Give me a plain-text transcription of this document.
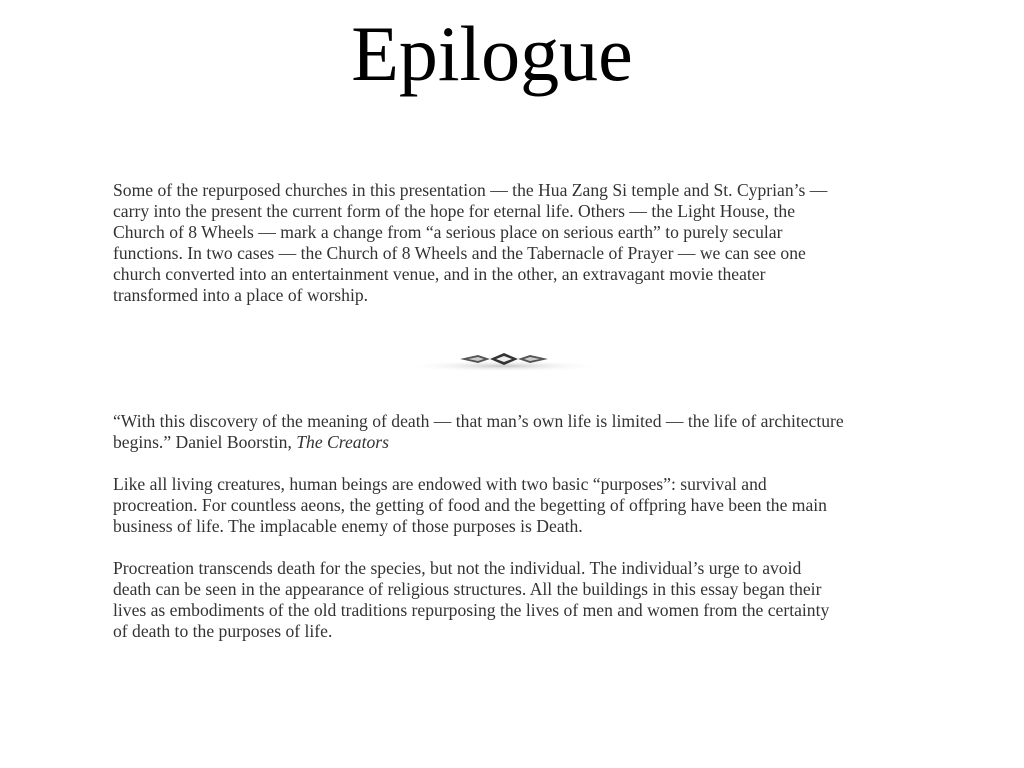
Epilogue

Some of the repurposed churches in this presentation — the Hua Zang Si temple and St. Cyprian’s —
carry into the present the current form of the hope for eternal life. Others — the Light House, the
Church of 8 Wheels — mark a change from “a serious place on serious earth” to purely secular
functions. In two cases — the Church of 8 Wheels and the Tabernacle of Prayer — we can see one
church converted into an entertainment venue, and in the other, an extravagant movie theater
transformed into a place of worship.

“With this discovery of the meaning of death — that man’s own life is limited — the life of architecture
begins.” Daniel Boorstin, The Creators

Like all living creatures, human beings are endowed with two basic “purposes”: survival and
procreation. For countless aeons, the getting of food and the begetting of offpring have been the main
business of life. The implacable enemy of those purposes is Death.

Procreation transcends death for the species, but not the individual. The individual’s urge to avoid
death can be seen in the appearance of religious structures. All the buildings in this essay began their
lives as embodiments of the old traditions repurposing the lives of men and women from the certainty
of death to the purposes of life.
